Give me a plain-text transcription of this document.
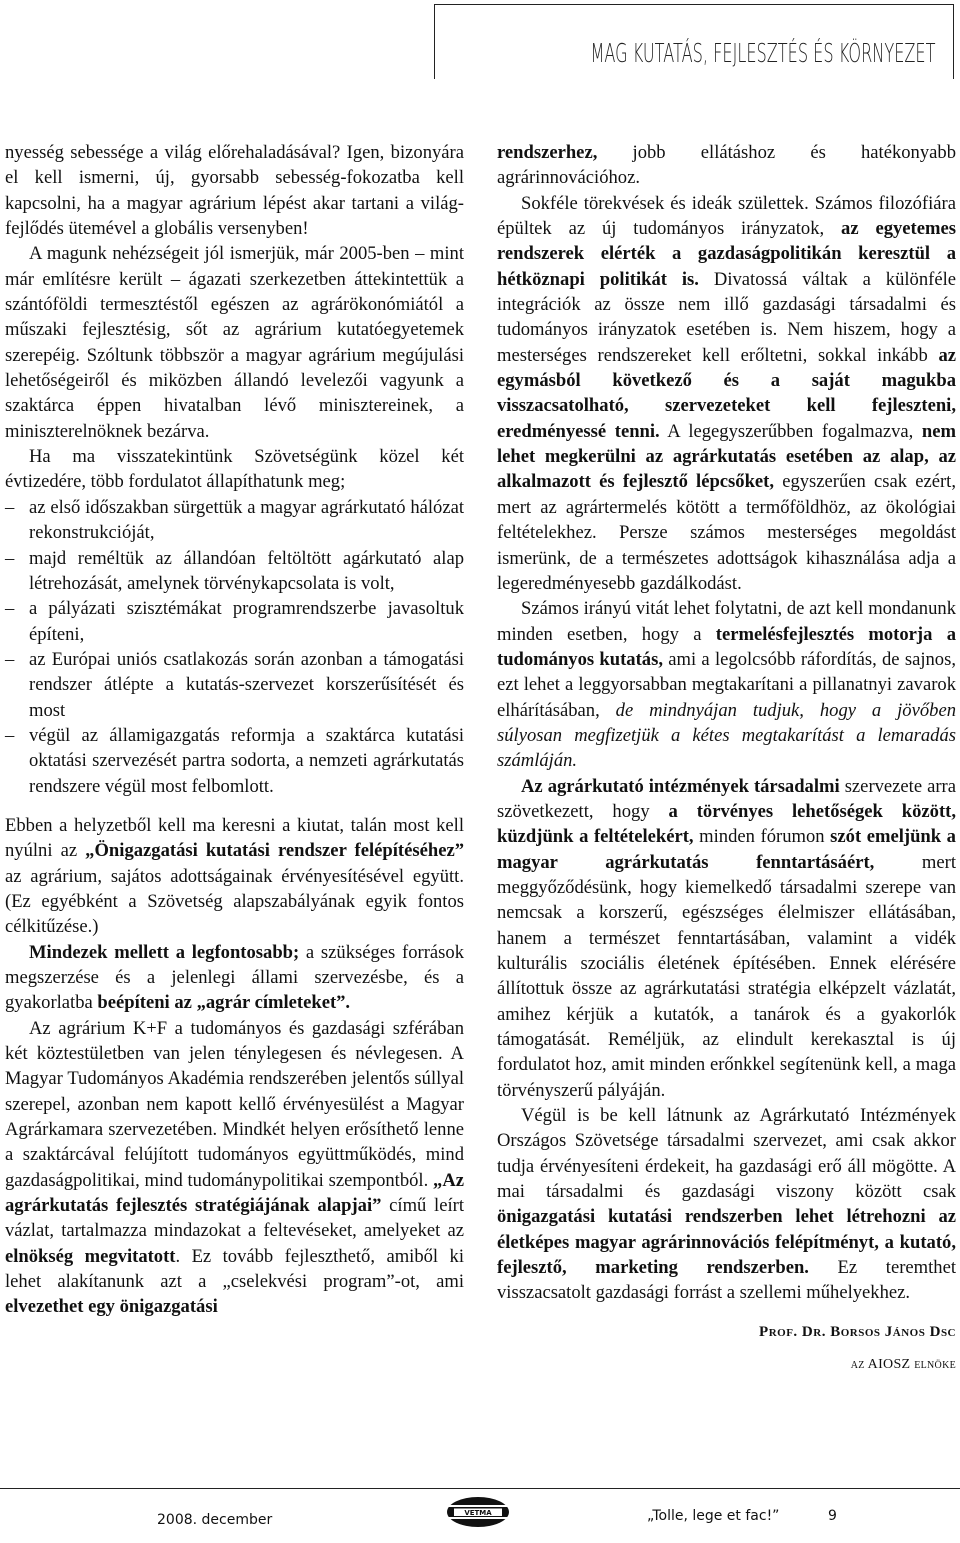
MAG KUTATÁS, FEJLESZTÉS ÉS KÖRNYEZET

nyesség sebessége a világ előrehaladásával? Igen, bizonyára el kell ismerni, új, gyorsabb sebesség-fokozatba kell kapcsolni, ha a magyar agrárium lépést akar tartani a világ-fejlődés ütemével a globális versenyben!

A magunk nehézségeit jól ismerjük, már 2005-ben – mint már említésre került – ágazati szerkezetben áttekintettük a szántóföldi termesztéstől egészen az agrárökonómiától a műszaki fejlesztésig, sőt az agrárium kutatóegyetemek szerepéig. Szóltunk többször a magyar agrárium megújulási lehetőségeiről és miközben állandó levelezői vagyunk a szaktárca éppen hivatalban lévő minisztereinek, a miniszterelnöknek bezárva.

Ha ma visszatekintünk Szövetségünk közel két évtizedére, több fordulatot állapíthatunk meg;

– az első időszakban sürgettük a magyar agrárkutató hálózat rekonstrukcióját,
– majd reméltük az állandóan feltöltött agárkutató alap létrehozását, amelynek törvénykapcsolata is volt,
– a pályázati szisztémákat programrendszerbe javasoltuk építeni,
– az Európai uniós csatlakozás során azonban a támogatási rendszer átlépte a kutatás-szervezet korszerűsítését és most
– végül az államigazgatás reformja a szaktárca kutatási oktatási szervezését partra sodorta, a nemzeti agrárkutatás rendszere végül most felbomlott.

Ebben a helyzetből kell ma keresni a kiutat, talán most kell nyúlni az „Önigazgatási kutatási rendszer felépítéséhez” az agrárium, sajátos adottságainak érvényesítésével együtt. (Ez egyébként a Szövetség alapszabályának egyik fontos célkitűzése.)

Mindezek mellett a legfontosabb; a szükséges források megszerzése és a jelenlegi állami szervezésbe, és a gyakorlatba beépíteni az „agrár címleteket”.

Az agrárium K+F a tudományos és gazdasági szférában két köztestületben van jelen ténylegesen és névlegesen. A Magyar Tudományos Akadémia rendszerében jelentős súllyal szerepel, azonban nem kapott kellő érvényesülést a Magyar Agrárkamara szervezetében. Mindkét helyen erősíthető lenne a szaktárcával felújított tudományos együttműködés, mind gazdaságpolitikai, mind tudománypolitikai szempontból. „Az agrárkutatás fejlesztés stratégiájának alapjai” című leírt vázlat, tartalmazza mindazokat a feltevéseket, amelyeket az elnökség megvitatott. Ez tovább fejleszthető, amiből ki lehet alakítanunk azt a „cselekvési program”-ot, ami elvezethet egy önigazgatási

rendszerhez, jobb ellátáshoz és hatékonyabb agrárinnovációhoz.

Sokféle törekvések és ideák születtek. Számos filozófiára épültek az új tudományos irányzatok, az egyetemes rendszerek elérték a gazdaságpolitikán keresztül a hétköznapi politikát is. Divatossá váltak a különféle integrációk az össze nem illő gazdasági társadalmi és tudományos irányzatok esetében is. Nem hiszem, hogy a mesterséges rendszereket kell erőltetni, sokkal inkább az egymásból következő és a saját magukba visszacsatolható, szervezeteket kell fejleszteni, eredményessé tenni. A legegyszerűbben fogalmazva, nem lehet megkerülni az agrárkutatás esetében az alap, az alkalmazott és fejlesztő lépcsőket, egyszerűen csak ezért, mert az agrártermelés kötött a termőföldhöz, az ökológiai feltételekhez. Persze számos mesterséges megoldást ismerünk, de a természetes adottságok kihasználása adja a legeredményesebb gazdálkodást.

Számos irányú vitát lehet folytatni, de azt kell mondanunk minden esetben, hogy a termelésfejlesztés motorja a tudományos kutatás, ami a legolcsóbb ráfordítás, de sajnos, ezt lehet a leggyorsabban megtakarítani a pillanatnyi zavarok elhárításában, de mindnyájan tudjuk, hogy a jövőben súlyosan megfizetjük a kétes megtakarítást a lemaradás számláján.

Az agrárkutató intézmények társadalmi szervezete arra szövetkezett, hogy a törvényes lehetőségek között, küzdjünk a feltételekért, minden fórumon szót emeljünk a magyar agrárkutatás fenntartásáért, mert meggyőződésünk, hogy kiemelkedő társadalmi szerepe van nemcsak a korszerű, egészséges élelmiszer ellátásában, hanem a természet fenntartásában, valamint a vidék kulturális szociális életének építésében. Ennek elérésére állítottuk össze az agrárkutatási stratégia elképzelt vázlatát, amihez kérjük a kutatók, a tanárok és a gyakorlók támogatását. Reméljük, az elindult kerekasztal is új fordulatot hoz, amit minden erőnkkel segítenünk kell, a maga törvényszerű pályáján.

Végül is be kell látnunk az Agrárkutató Intézmények Országos Szövetsége társadalmi szervezet, ami csak akkor tudja érvényesíteni érdekeit, ha gazdasági erő áll mögötte. A mai társadalmi és gazdasági viszony között csak önigazgatási kutatási rendszerben lehet létrehozni az életképes magyar agrárinnovációs felépítményt, a kutató, fejlesztő, marketing rendszerben. Ez teremthet visszacsatolt gazdasági forrást a szellemi műhelyekhez.

PROF. DR. BORSOS JÁNOS DSC
AZ AIOSZ ELNÖKE
2008. december	VETMA	„Tolle, lege et fac!”	9
